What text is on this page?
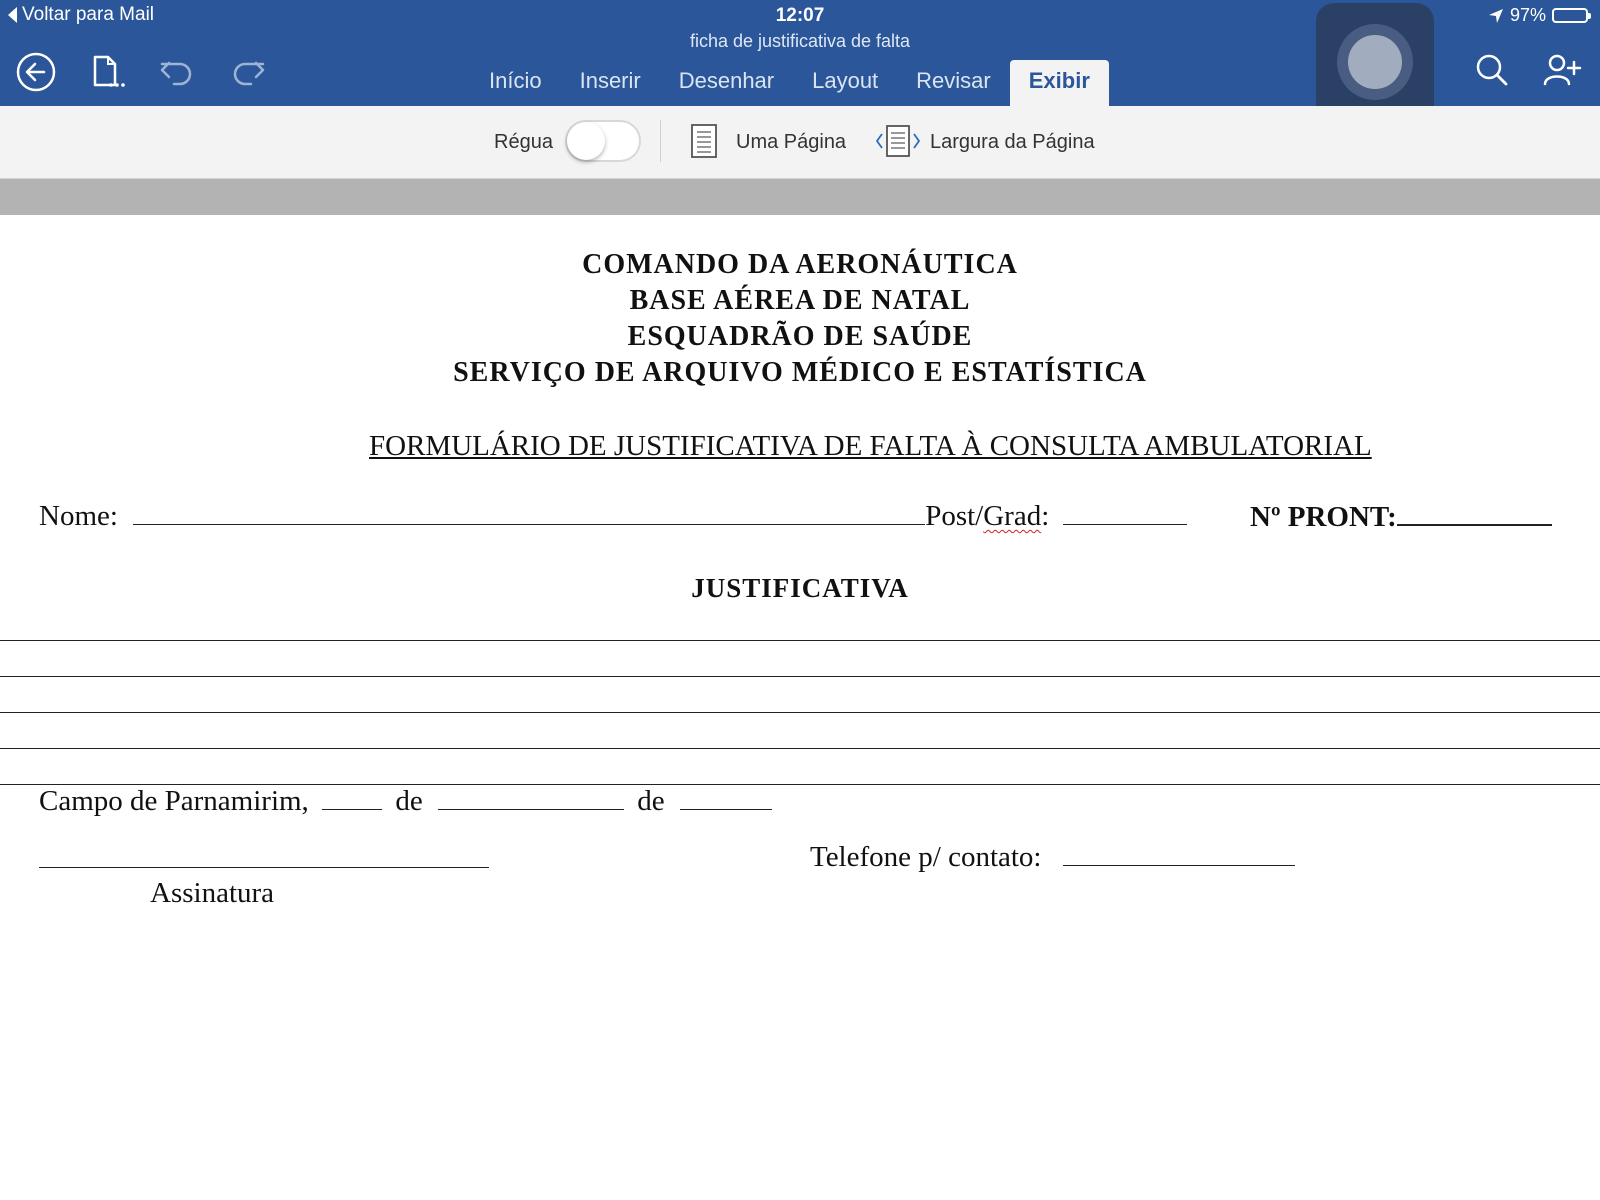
Voltar para Mail	12:07	97%
ficha de justificativa de falta
Início	Inserir	Desenhar	Layout	Revisar	Exibir
Régua	Uma Página	Largura da Página
COMANDO DA AERONÁUTICA
BASE AÉREA DE NATAL
ESQUADRÃO DE SAÚDE
SERVIÇO DE ARQUIVO MÉDICO E ESTATÍSTICA
FORMULÁRIO DE JUSTIFICATIVA DE FALTA À CONSULTA AMBULATORIAL
Nome:	Post/Grad:	Nº PRONT:
JUSTIFICATIVA
Campo de Parnamirim,	de	de
Assinatura
Telefone p/ contato:
